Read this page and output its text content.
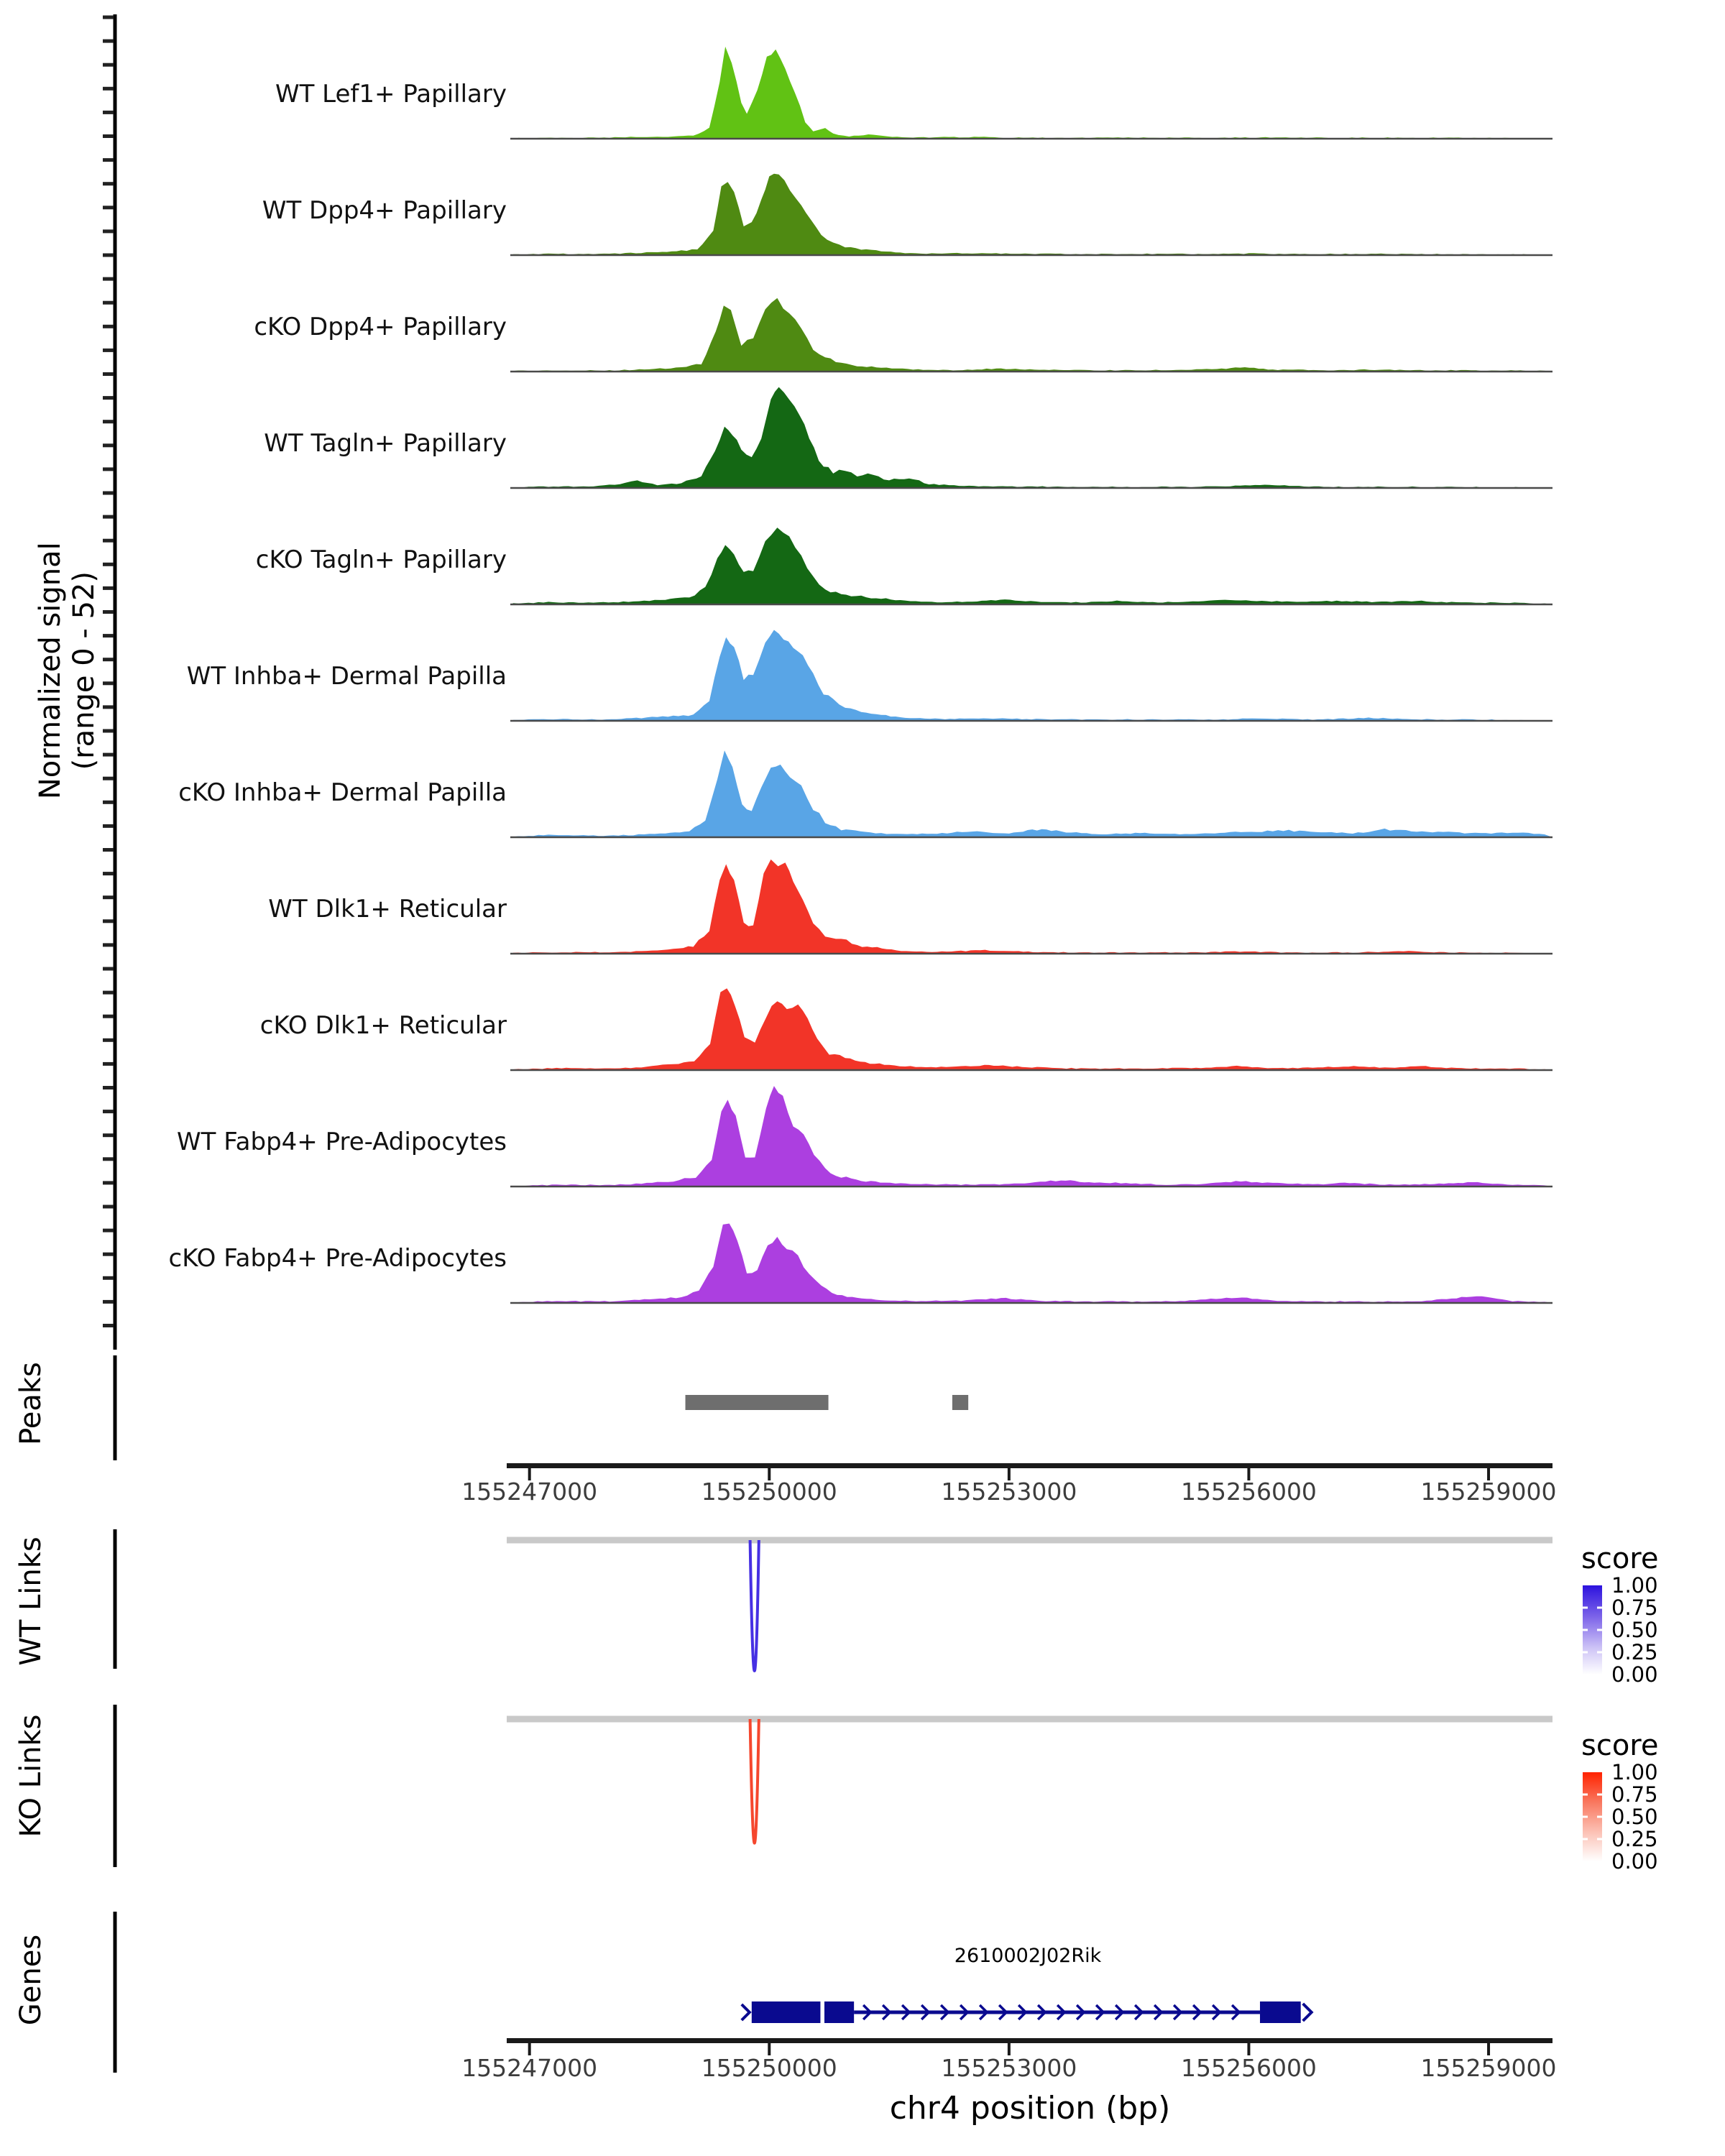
Normalized signal (range 0 - 52)
Peaks
WT Links
KO Links
Genes
WT Lef1+ Papillary
WT Dpp4+ Papillary
cKO Dpp4+ Papillary
WT Tagln+ Papillary
cKO Tagln+ Papillary
WT Inhba+ Dermal Papilla
cKO Inhba+ Dermal Papilla
WT Dlk1+ Reticular
cKO Dlk1+ Reticular
WT Fabp4+ Pre-Adipocytes
cKO Fabp4+ Pre-Adipocytes
155247000	155250000	155253000	155256000	155259000
155247000	155250000	155253000	155256000	155259000
2610002J02Rik
chr4 position (bp)
score
score
1.00
0.75
0.50
0.25
0.00
1.00
0.75
0.50
0.25
0.00
